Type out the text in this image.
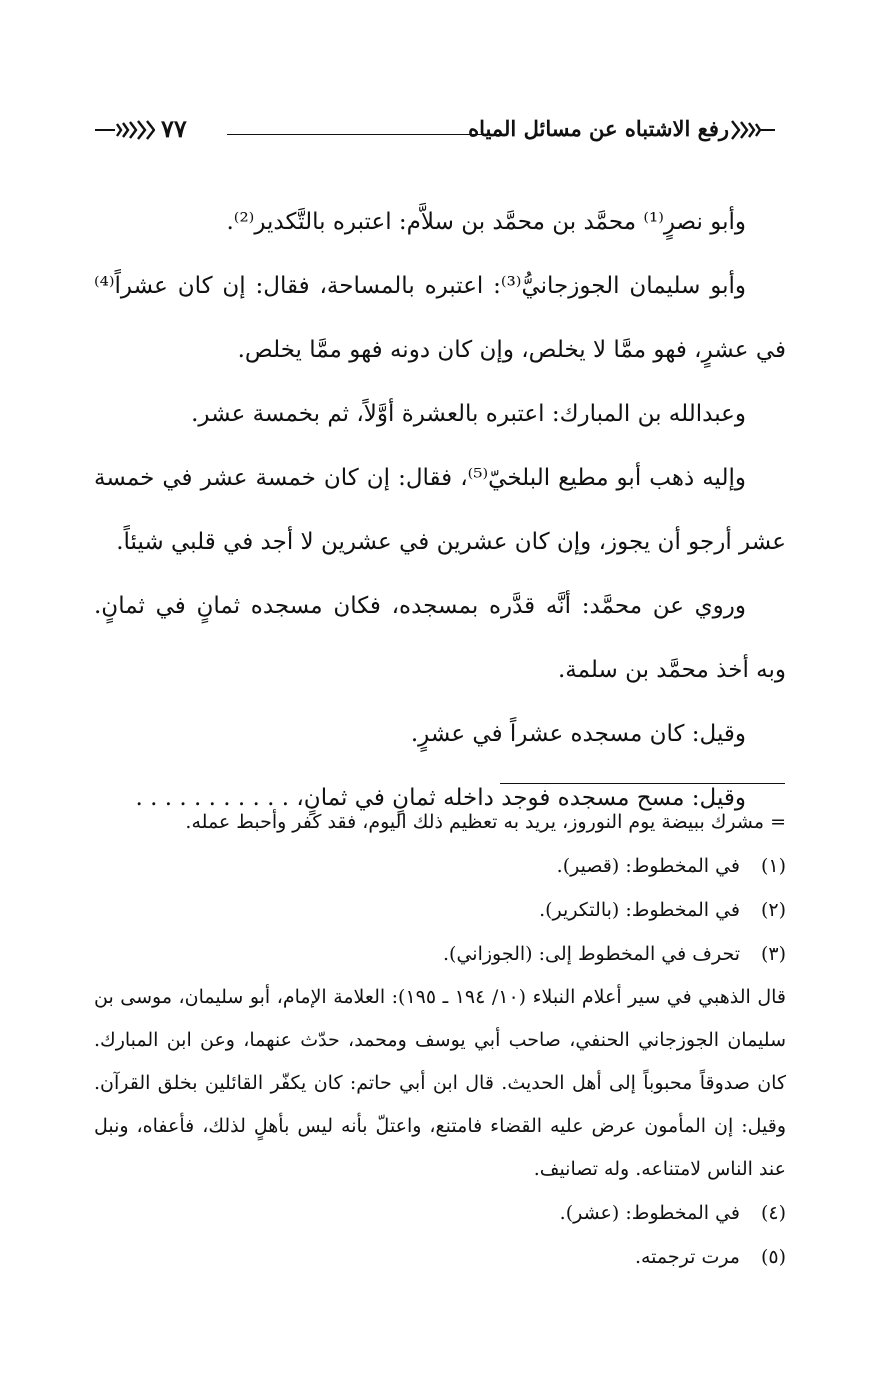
٧٧	رفع الاشتباه عن مسائل المياه

وأبو نصرٍ⁽¹⁾ محمَّد بن محمَّد بن سلاَّم: اعتبره بالتَّكدير⁽²⁾.

وأبو سليمان الجوزجانيُّ⁽³⁾: اعتبره بالمساحة، فقال: إن كان عشراً⁽⁴⁾ في عشرٍ، فهو ممَّا لا يخلص، وإن كان دونه فهو ممَّا يخلص.

وعبدالله بن المبارك: اعتبره بالعشرة أوَّلاً، ثم بخمسة عشر.

وإليه ذهب أبو مطيع البلخيّ⁽⁵⁾، فقال: إن كان خمسة عشر في خمسة عشر أرجو أن يجوز، وإن كان عشرين في عشرين لا أجد في قلبي شيئاً.

وروي عن محمَّد: أنَّه قدَّره بمسجده، فكان مسجده ثمانٍ في ثمانٍ. وبه أخذ محمَّد بن سلمة.

وقيل: كان مسجده عشراً في عشرٍ.

وقيل: مسح مسجده فوجد داخله ثمانٍ في ثمانٍ، . . . . . . . . . . .

= مشرك ببيضة يوم النوروز، يريد به تعظيم ذلك اليوم، فقد كفر وأحبط عمله.

(١)في المخطوط: (قصير).

(٢)في المخطوط: (بالتكرير).

(٣)تحرف في المخطوط إلى: (الجوزاني).

قال الذهبي في سير أعلام النبلاء (١٠/ ١٩٤ ـ ١٩٥): العلامة الإمام، أبو سليمان، موسى بن سليمان الجوزجاني الحنفي، صاحب أبي يوسف ومحمد، حدّث عنهما، وعن ابن المبارك. كان صدوقاً محبوباً إلى أهل الحديث. قال ابن أبي حاتم: كان يكفّر القائلين بخلق القرآن. وقيل: إن المأمون عرض عليه القضاء فامتنع، واعتلّ بأنه ليس بأهلٍ لذلك، فأعفاه، ونبل عند الناس لامتناعه. وله تصانيف.

(٤)في المخطوط: (عشر).

(٥)مرت ترجمته.
